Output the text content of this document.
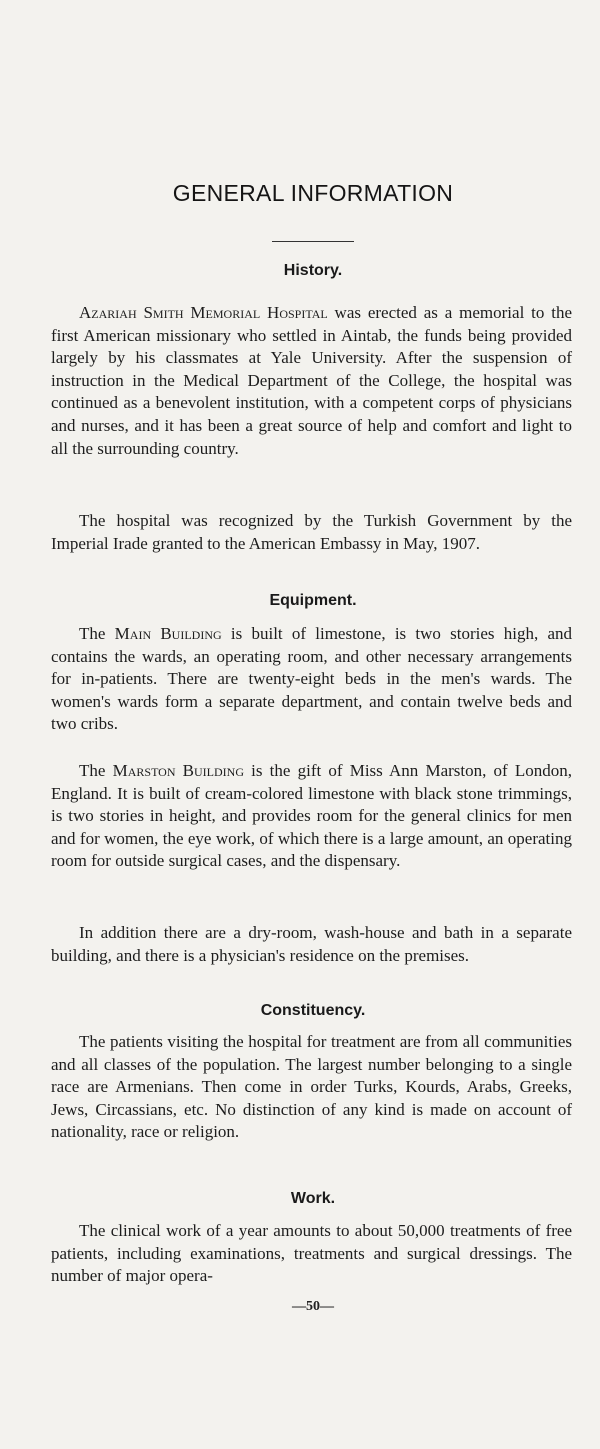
GENERAL INFORMATION
History.

Azariah Smith Memorial Hospital was erected as a memorial to the first American missionary who settled in Aintab, the funds being provided largely by his classmates at Yale University. After the suspension of instruction in the Medical Department of the College, the hospital was continued as a benevolent institution, with a competent corps of physicians and nurses, and it has been a great source of help and comfort and light to all the surrounding country.

The hospital was recognized by the Turkish Government by the Imperial Irade granted to the American Embassy in May, 1907.

Equipment.

The Main Building is built of limestone, is two stories high, and contains the wards, an operating room, and other necessary arrangements for in-patients. There are twenty-eight beds in the men's wards. The women's wards form a separate department, and contain twelve beds and two cribs.

The Marston Building is the gift of Miss Ann Marston, of London, England. It is built of cream-colored limestone with black stone trimmings, is two stories in height, and provides room for the general clinics for men and for women, the eye work, of which there is a large amount, an operating room for outside surgical cases, and the dispensary.

In addition there are a dry-room, wash-house and bath in a separate building, and there is a physician's residence on the premises.

Constituency.

The patients visiting the hospital for treatment are from all communities and all classes of the population. The largest number belonging to a single race are Armenians. Then come in order Turks, Kourds, Arabs, Greeks, Jews, Circassians, etc. No distinction of any kind is made on account of nationality, race or religion.

Work.

The clinical work of a year amounts to about 50,000 treatments of free patients, including examinations, treatments and surgical dressings. The number of major opera-

—50—
